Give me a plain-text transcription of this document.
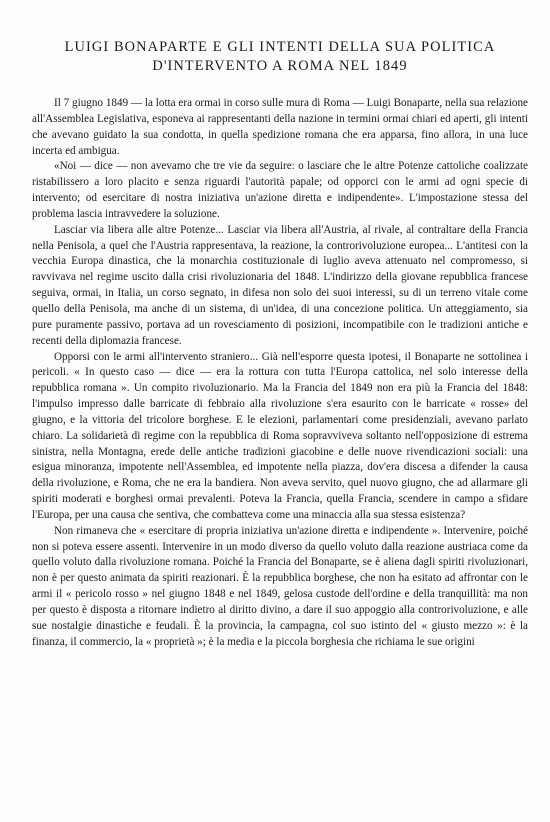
LUIGI BONAPARTE E GLI INTENTI DELLA SUA POLITICA
D'INTERVENTO A ROMA NEL 1849

Il 7 giugno 1849 — la lotta era ormai in corso sulle mura di Roma — Luigi Bonaparte, nella sua relazione all'Assemblea Legislativa, esponeva ai rappresentanti della nazione in termini ormai chiari ed aperti, gli intenti che avevano guidato la sua condotta, in quella spedizione romana che era apparsa, fino allora, in una luce incerta ed ambigua.

«Noi — dice — non avevamo che tre vie da seguire: o lasciare che le altre Potenze cattoliche coalizzate ristabilissero a loro placito e senza riguardi l'autorità papale; od opporci con le armi ad ogni specie di intervento; od esercitare di nostra iniziativa un'azione diretta e indipendente». L'impostazione stessa del problema lascia intravvedere la soluzione.

Lasciar via libera alle altre Potenze... Lasciar via libera all'Austria, al rivale, al contraltare della Francia nella Penisola, a quel che l'Austria rappresentava, la reazione, la controrivoluzione europea... L'antitesi con la vecchia Europa dinastica, che la monarchia costituzionale di luglio aveva attenuato nel compromesso, si ravvivava nel regime uscito dalla crisi rivoluzionaria del 1848. L'indirizzo della giovane repubblica francese seguiva, ormai, in Italia, un corso segnato, in difesa non solo dei suoi interessi, su di un terreno vitale come quello della Penisola, ma anche di un sistema, di un'idea, di una concezione politica. Un atteggiamento, sia pure puramente passivo, portava ad un rovesciamento di posizioni, incompatibile con le tradizioni antiche e recenti della diplomazia francese.

Opporsi con le armi all'intervento straniero... Già nell'esporre questa ipotesi, il Bonaparte ne sottolinea i pericoli. « In questo caso — dice — era la rottura con tutta l'Europa cattolica, nel solo interesse della repubblica romana ». Un compito rivoluzionario. Ma la Francia del 1849 non era più la Francia del 1848: l'impulso impresso dalle barricate di febbraio alla rivoluzione s'era esaurito con le barricate « rosse» del giugno, e la vittoria del tricolore borghese. E le elezioni, parlamentari come presidenziali, avevano parlato chiaro. La solidarietà di regime con la repubblica di Roma sopravviveva soltanto nell'opposizione di estrema sinistra, nella Montagna, erede delle antiche tradizioni giacobine e delle nuove rivendicazioni sociali: una esigua minoranza, impotente nell'Assemblea, ed impotente nella piazza, dov'era discesa a difender la causa della rivoluzione, e Roma, che ne era la bandiera. Non aveva servito, quel nuovo giugno, che ad allarmare gli spiriti moderati e borghesi ormai prevalenti. Poteva la Francia, quella Francia, scendere in campo a sfidare l'Europa, per una causa che sentiva, che combatteva come una minaccia alla sua stessa esistenza?

Non rimaneva che « esercitare di propria iniziativa un'azione diretta e indipendente ». Intervenire, poiché non si poteva essere assenti. Intervenire in un modo diverso da quello voluto dalla reazione austriaca come da quello voluto dalla rivoluzione romana. Poiché la Francia del Bonaparte, se è aliena dagli spiriti rivoluzionari, non è per questo animata da spiriti reazionari. È la repubblica borghese, che non ha esitato ad affrontar con le armi il « pericolo rosso » nel giugno 1848 e nel 1849, gelosa custode dell'ordine e della tranquillità: ma non per questo è disposta a ritornare indietro al diritto divino, a dare il suo appoggio alla controrivoluzione, e alle sue nostalgie dinastiche e feudali. È la provincia, la campagna, col suo istinto del « giusto mezzo »: è la finanza, il commercio, la « proprietà »; è la media e la piccola borghesia che richiama le sue origini
